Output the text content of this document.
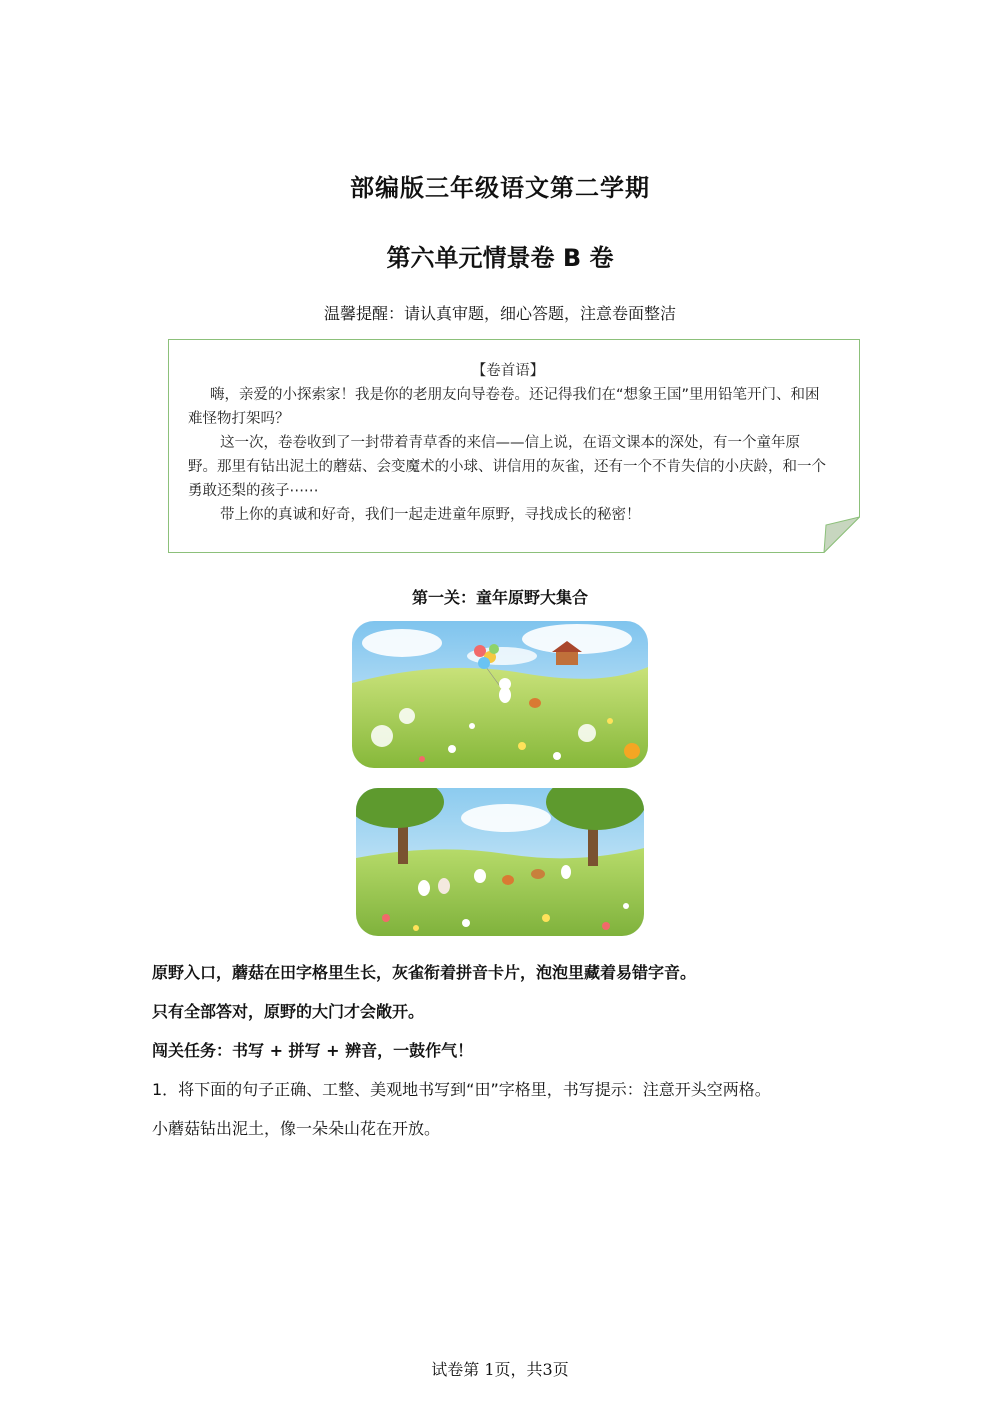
部编版三年级语文第二学期
第六单元情景卷 B 卷
温馨提醒：请认真审题，细心答题，注意卷面整洁

【卷首语】

嗨，亲爱的小探索家！我是你的老朋友向导卷卷。还记得我们在“想象王国”里用铅笔开门、和困难怪物打架吗？

这一次，卷卷收到了一封带着青草香的来信——信上说，在语文课本的深处，有一个童年原野。那里有钻出泥土的蘑菇、会变魔术的小球、讲信用的灰雀，还有一个不肯失信的小庆龄，和一个勇敢还梨的孩子⋯⋯

带上你的真诚和好奇，我们一起走进童年原野，寻找成长的秘密！

第一关：童年原野大集合
原野入口，蘑菇在田字格里生长，灰雀衔着拼音卡片，泡泡里藏着易错字音。
只有全部答对，原野的大门才会敞开。
闯关任务：书写 + 拼写 + 辨音，一鼓作气！
1．将下面的句子正确、工整、美观地书写到“田”字格里，书写提示：注意开头空两格。
小蘑菇钻出泥土，像一朵朵山花在开放。
试卷第 1页，共3页
